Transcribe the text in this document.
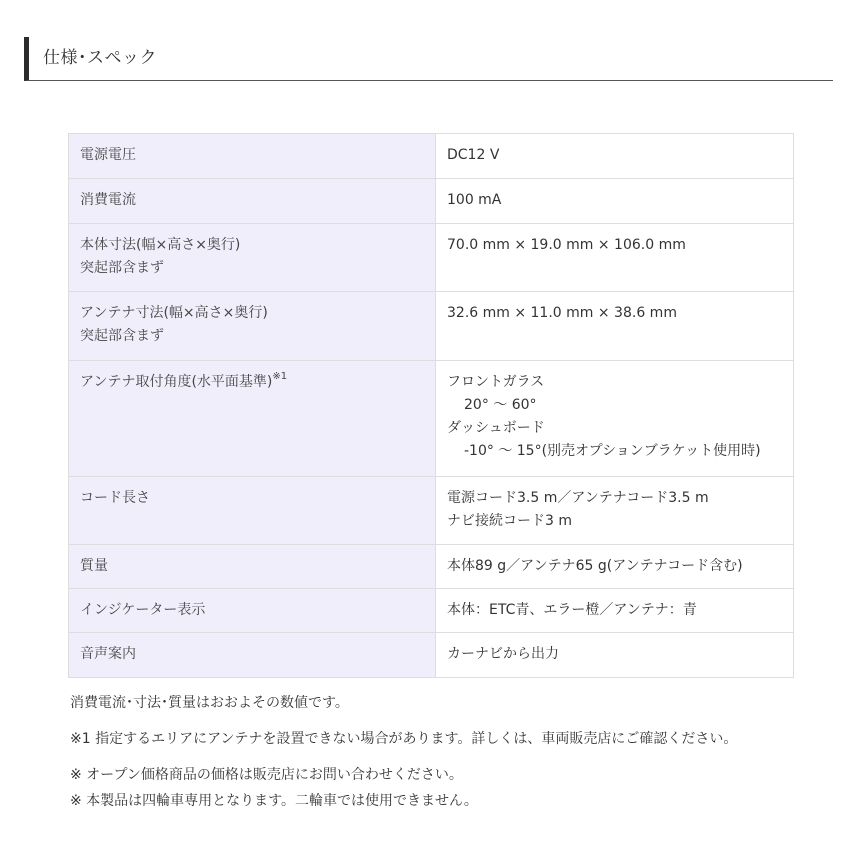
仕様･スペック
電源電圧	DC12 V

消費電流	100 mA

本体寸法(幅×高さ×奥行)
突起部含まず	70.0 mm × 19.0 mm × 106.0 mm

アンテナ寸法(幅×高さ×奥行)
突起部含まず	32.6 mm × 11.0 mm × 38.6 mm

アンテナ取付角度(水平面基準)$^{※1}$	フロントガラス
20° ～ 60°
ダッシュボード
-10° ～ 15°(別売オプションブラケット使用時)

コード長さ	電源コード3.5 m／アンテナコード3.5 m
ナビ接続コード3 m

質量	本体89 g／アンテナ65 g(アンテナコード含む)

インジケーター表示	本体：ETC青、エラー橙／アンテナ：青

音声案内	カーナビから出力
消費電流･寸法･質量はおおよその数値です。
※1 指定するエリアにアンテナを設置できない場合があります。詳しくは、車両販売店にご確認ください。
※ オープン価格商品の価格は販売店にお問い合わせください。
※ 本製品は四輪車専用となります。二輪車では使用できません。
